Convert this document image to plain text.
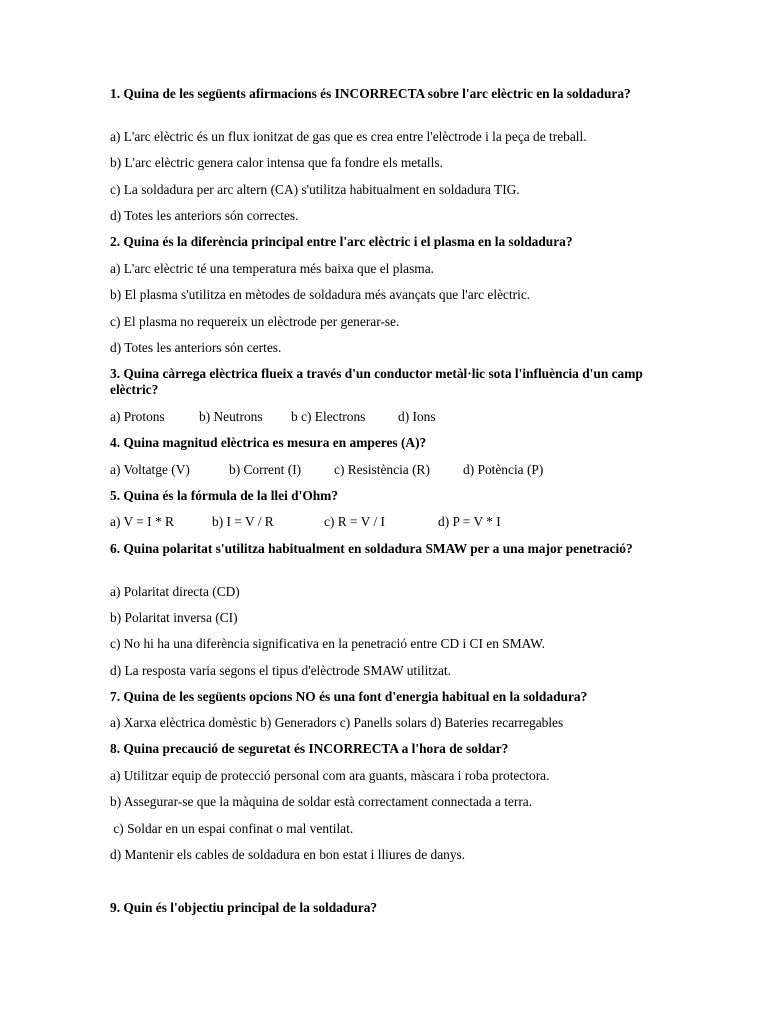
1. Quina de les següents afirmacions és INCORRECTA sobre l'arc elèctric en la soldadura?
a) L'arc elèctric és un flux ionitzat de gas que es crea entre l'elèctrode i la peça de treball.
b) L'arc elèctric genera calor intensa que fa fondre els metalls.
c) La soldadura per arc altern (CA) s'utilitza habitualment en soldadura TIG.
d) Totes les anteriors són correctes.
2. Quina és la diferència principal entre l'arc elèctric i el plasma en la soldadura?
a) L'arc elèctric té una temperatura més baixa que el plasma.
b) El plasma s'utilitza en mètodes de soldadura més avançats que l'arc elèctric.
c) El plasma no requereix un elèctrode per generar-se.
d) Totes les anteriors són certes.
3. Quina càrrega elèctrica flueix a través d'un conductor metàl·lic sota l'influència d'un camp elèctric?
a) Protons	b) Neutrons b c) Electrons d) Ions
4. Quina magnitud elèctrica es mesura en amperes (A)?
a) Voltatge (V)	b) Corrent (I) c) Resistència (R) d) Potència (P)
5. Quina és la fórmula de la llei d'Ohm?
a) V = I * R	b) I = V / R	c) R = V / I	d) P = V * I
6. Quina polaritat s'utilitza habitualment en soldadura SMAW per a una major penetració?
a) Polaritat directa (CD)
b) Polaritat inversa (CI)
c) No hi ha una diferència significativa en la penetració entre CD i CI en SMAW.
d) La resposta varia segons el tipus d'elèctrode SMAW utilitzat.
7. Quina de les següents opcions NO és una font d'energia habitual en la soldadura?
a) Xarxa elèctrica domèstic b) Generadors c) Panells solars d) Bateries recarregables
8. Quina precaució de seguretat és INCORRECTA a l'hora de soldar?
a) Utilitzar equip de protecció personal com ara guants, màscara i roba protectora.
b) Assegurar-se que la màquina de soldar està correctament connectada a terra.
c) Soldar en un espai confinat o mal ventilat.
d) Mantenir els cables de soldadura en bon estat i lliures de danys.
9. Quin és l'objectiu principal de la soldadura?
